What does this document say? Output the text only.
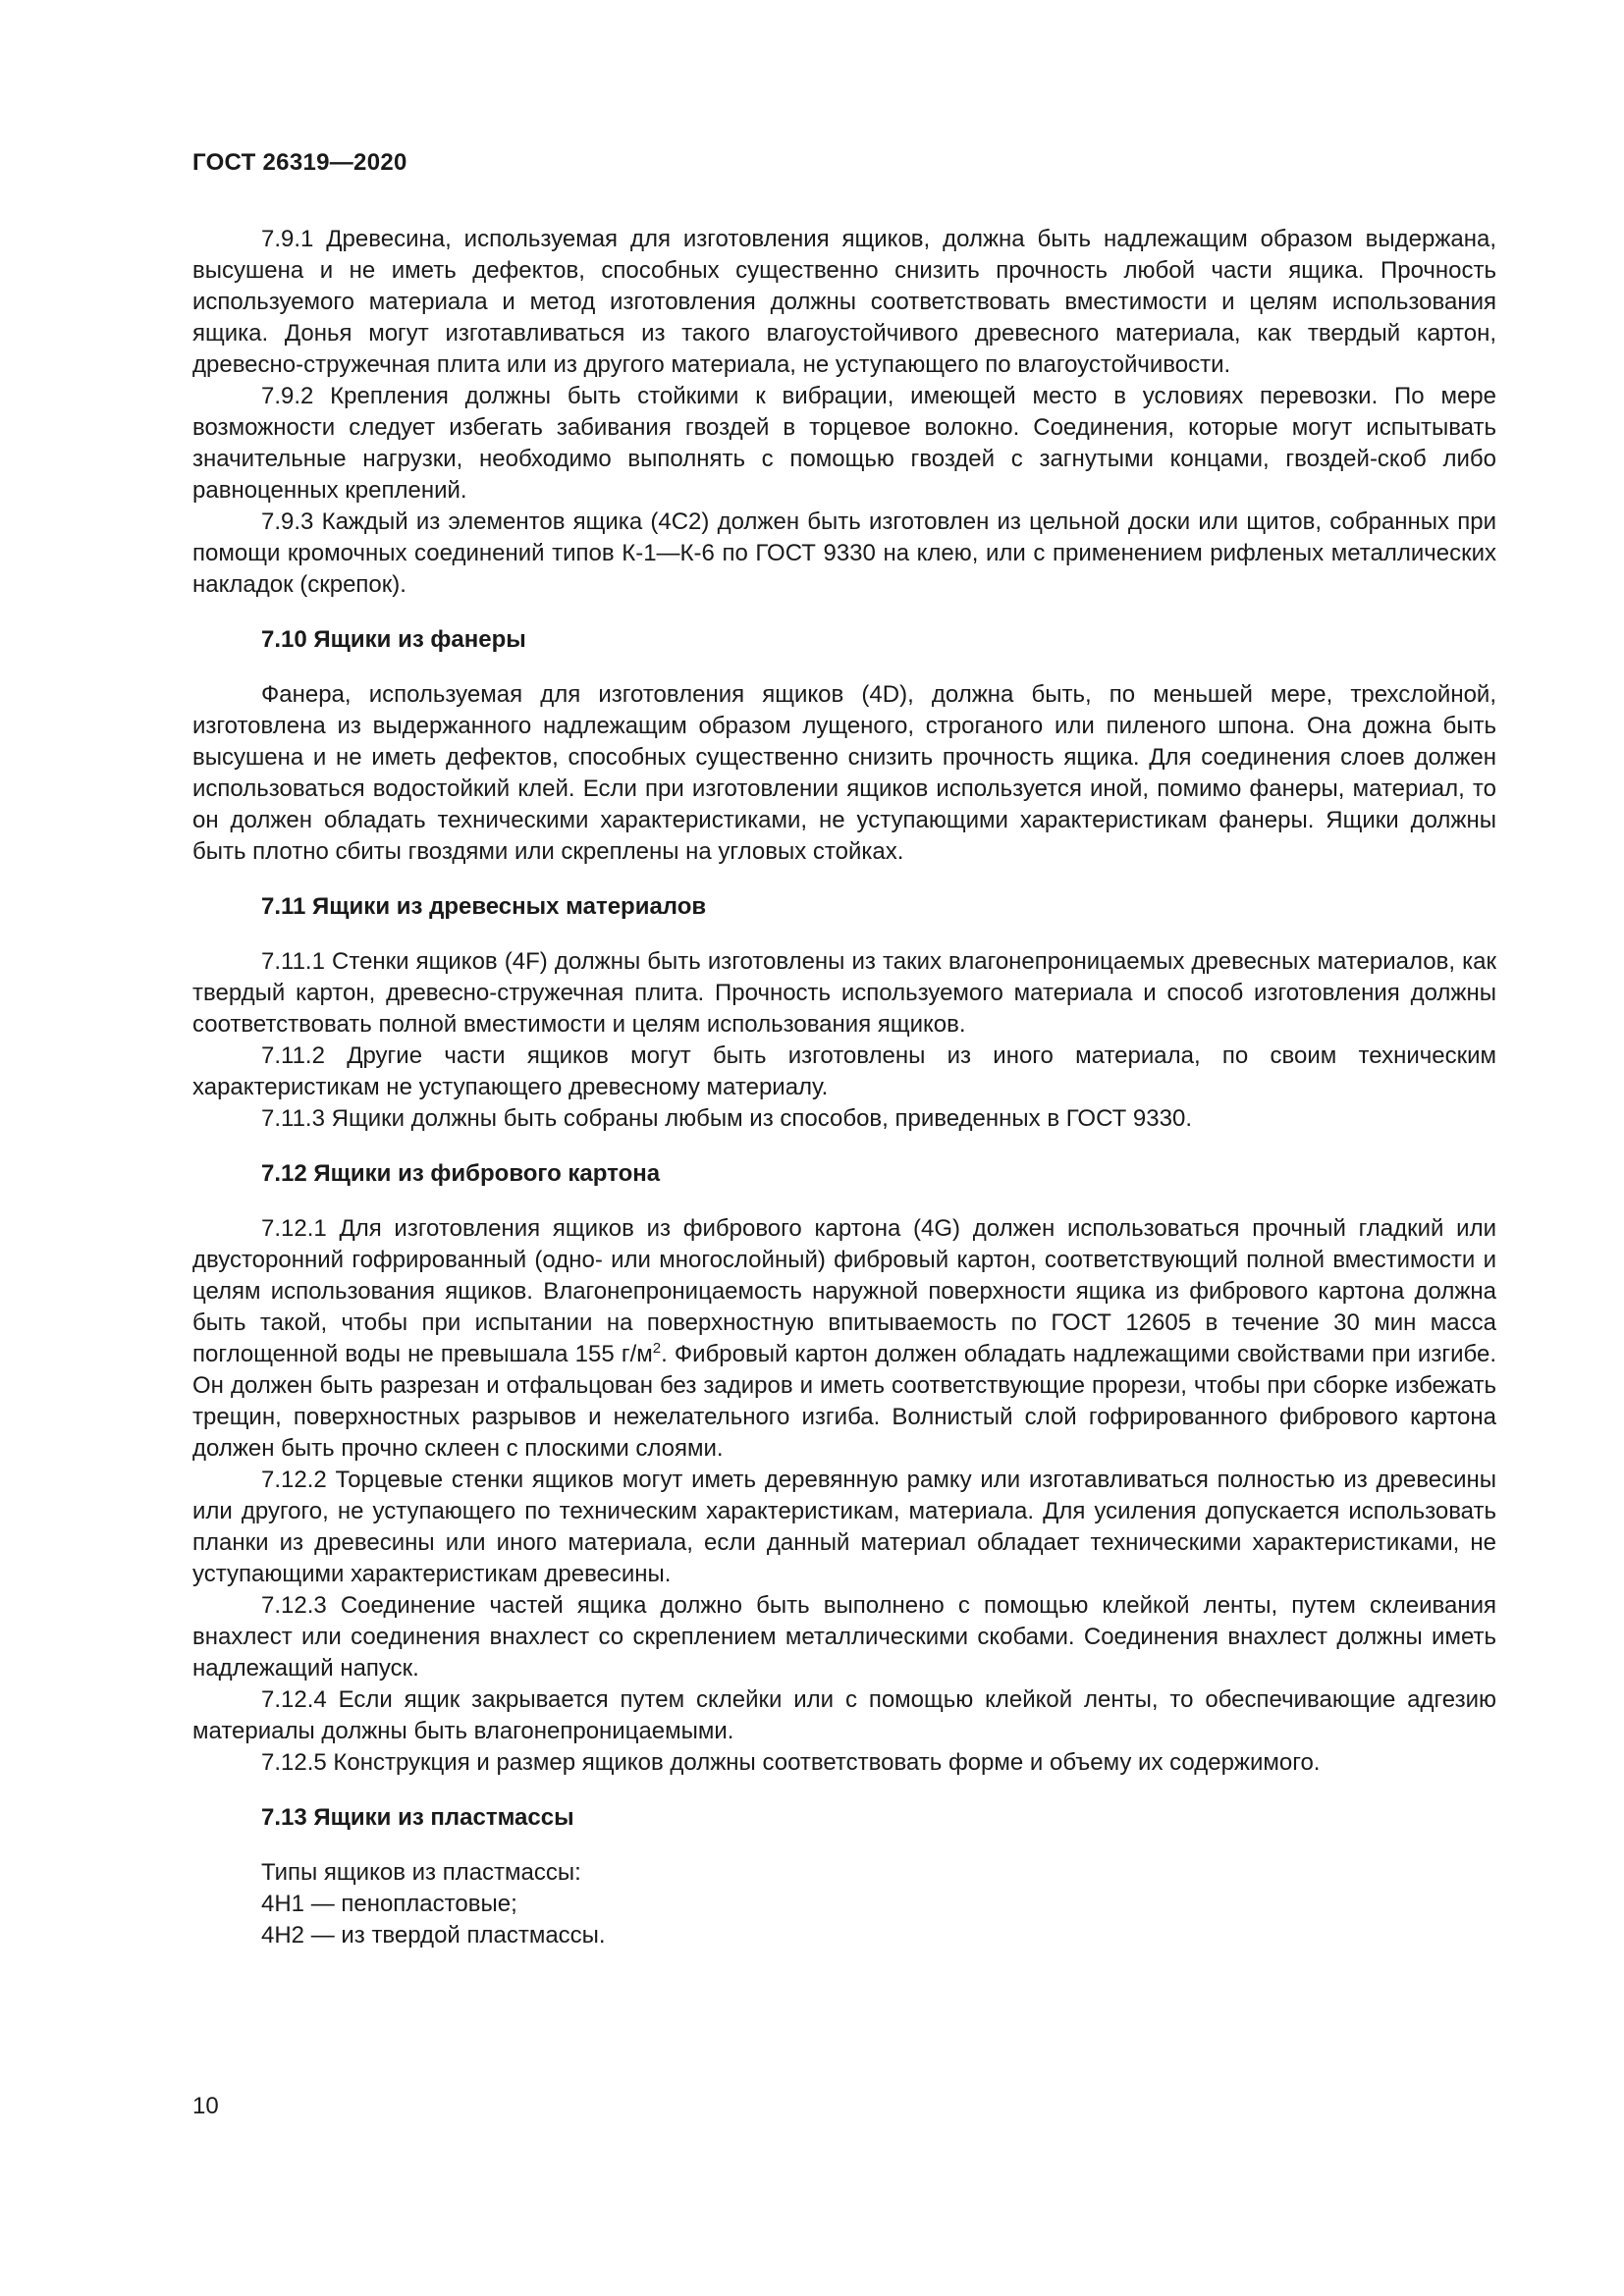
ГОСТ 26319—2020

7.9.1 Древесина, используемая для изготовления ящиков, должна быть надлежащим образом выдержана, высушена и не иметь дефектов, способных существенно снизить прочность любой части ящика. Прочность используемого материала и метод изготовления должны соответствовать вместимости и целям использования ящика. Донья могут изготавливаться из такого влагоустойчивого древесного материала, как твердый картон, древесно-стружечная плита или из другого материала, не уступающего по влагоустойчивости.

7.9.2 Крепления должны быть стойкими к вибрации, имеющей место в условиях перевозки. По мере возможности следует избегать забивания гвоздей в торцевое волокно. Соединения, которые могут испытывать значительные нагрузки, необходимо выполнять с помощью гвоздей с загнутыми концами, гвоздей-скоб либо равноценных креплений.

7.9.3 Каждый из элементов ящика (4С2) должен быть изготовлен из цельной доски или щитов, собранных при помощи кромочных соединений типов К-1—К-6 по ГОСТ 9330 на клею, или с применением рифленых металлических накладок (скрепок).

7.10 Ящики из фанеры

Фанера, используемая для изготовления ящиков (4D), должна быть, по меньшей мере, трехслойной, изготовлена из выдержанного надлежащим образом лущеного, строганого или пиленого шпона. Она дожна быть высушена и не иметь дефектов, способных существенно снизить прочность ящика. Для соединения слоев должен использоваться водостойкий клей. Если при изготовлении ящиков используется иной, помимо фанеры, материал, то он должен обладать техническими характеристиками, не уступающими характеристикам фанеры. Ящики должны быть плотно сбиты гвоздями или скреплены на угловых стойках.

7.11 Ящики из древесных материалов

7.11.1 Стенки ящиков (4F) должны быть изготовлены из таких влагонепроницаемых древесных материалов, как твердый картон, древесно-стружечная плита. Прочность используемого материала и способ изготовления должны соответствовать полной вместимости и целям использования ящиков.

7.11.2 Другие части ящиков могут быть изготовлены из иного материала, по своим техническим характеристикам не уступающего древесному материалу.

7.11.3 Ящики должны быть собраны любым из способов, приведенных в ГОСТ 9330.

7.12 Ящики из фибрового картона

7.12.1 Для изготовления ящиков из фибрового картона (4G) должен использоваться прочный гладкий или двусторонний гофрированный (одно- или многослойный) фибровый картон, соответствующий полной вместимости и целям использования ящиков. Влагонепроницаемость наружной поверхности ящика из фибрового картона должна быть такой, чтобы при испытании на поверхностную впитываемость по ГОСТ 12605 в течение 30 мин масса поглощенной воды не превышала 155 $г/м^2$. Фибровый картон должен обладать надлежащими свойствами при изгибе. Он должен быть разрезан и отфальцован без задиров и иметь соответствующие прорези, чтобы при сборке избежать трещин, поверхностных разрывов и нежелательного изгиба. Волнистый слой гофрированного фибрового картона должен быть прочно склеен с плоскими слоями.

7.12.2 Торцевые стенки ящиков могут иметь деревянную рамку или изготавливаться полностью из древесины или другого, не уступающего по техническим характеристикам, материала. Для усиления допускается использовать планки из древесины или иного материала, если данный материал обладает техническими характеристиками, не уступающими характеристикам древесины.

7.12.3 Соединение частей ящика должно быть выполнено с помощью клейкой ленты, путем склеивания внахлест или соединения внахлест со скреплением металлическими скобами. Соединения внахлест должны иметь надлежащий напуск.

7.12.4 Если ящик закрывается путем склейки или с помощью клейкой ленты, то обеспечивающие адгезию материалы должны быть влагонепроницаемыми.

7.12.5 Конструкция и размер ящиков должны соответствовать форме и объему их содержимого.

7.13 Ящики из пластмассы

Типы ящиков из пластмассы:

4Н1 — пенопластовые;

4Н2 — из твердой пластмассы.

10
